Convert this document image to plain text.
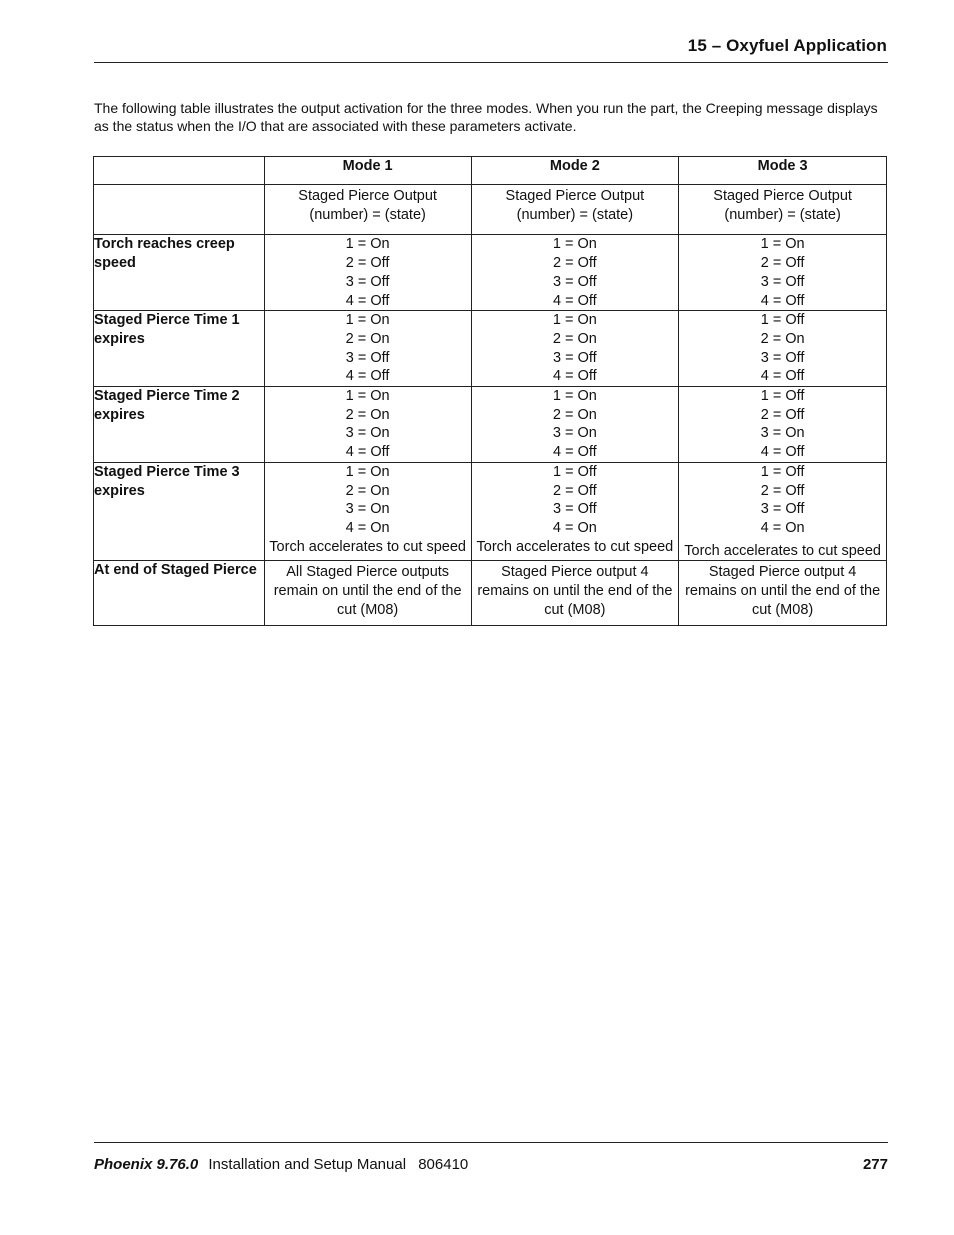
15 – Oxyfuel Application

The following table illustrates the output activation for the three modes. When you run the part, the Creeping message displays as the status when the I/O that are associated with these parameters activate.

	Mode 1	Mode 2	Mode 3

	Staged Pierce Output
(number) = (state)	Staged Pierce Output
(number) = (state)	Staged Pierce Output
(number) = (state)

Torch reaches creep speed	1 = On
2 = Off
3 = Off
4 = Off	1 = On
2 = Off
3 = Off
4 = Off	1 = On
2 = Off
3 = Off
4 = Off

Staged Pierce Time 1 expires	1 = On
2 = On
3 = Off
4 = Off	1 = On
2 = On
3 = Off
4 = Off	1 = Off
2 = On
3 = Off
4 = Off

Staged Pierce Time 2 expires	1 = On
2 = On
3 = On
4 = Off	1 = On
2 = On
3 = On
4 = Off	1 = Off
2 = Off
3 = On
4 = Off

Staged Pierce Time 3 expires	1 = On
2 = On
3 = On
4 = On
Torch accelerates to cut speed	1 = Off
2 = Off
3 = Off
4 = On
Torch accelerates to cut speed	1 = Off
2 = Off
3 = Off
4 = On
Torch accelerates to cut speed

At end of Staged Pierce	All Staged Pierce outputs remain on until the end of the cut (M08)	Staged Pierce output 4 remains on until the end of the cut (M08)	Staged Pierce output 4 remains on until the end of the cut (M08)
Phoenix 9.76.0 Installation and Setup Manual 806410	277
